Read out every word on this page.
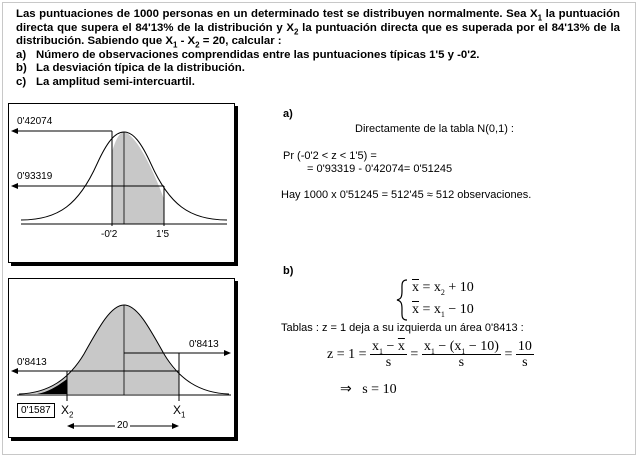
Las puntuaciones de 1000 personas en un determinado test se distribuyen normalmente. Sea $X_1$ la puntuación directa que supera el 84'13% de la distribución y $X_2$ la puntuación directa que es superada por el 84'13% de la distribución. Sabiendo que $X_1 - X_2 = 20$, calcular :

a) Número de observaciones comprendidas entre las puntuaciones típicas 1'5 y -0'2.

b) La desviación típica de la distribución.

c) La amplitud semi-intercuartil.

0'42074
0'93319
-0'2	1'5
0'8413
0'8413
0'1587 $X_2$	$X_1$
20
a)
Directamente de la tabla N(0,1) :
Pr (-0'2 < z < 1'5) =
= 0'93319 - 0'42074= 0'51245
Hay 1000 x 0'51245 = 512'45 ≈ 512 observaciones.
b)
$\overline{x} = x_2 + 10$
$\overline{x} = x_1 - 10$
Tablas : z = 1 deja a su izquierda un área 0'8413 :
$z = 1 = \frac{x_1 - \overline{x}}{s} = \frac{x_1 - (x_1 - 10)}{s} = \frac{10}{s}$
⇒ s = 10
